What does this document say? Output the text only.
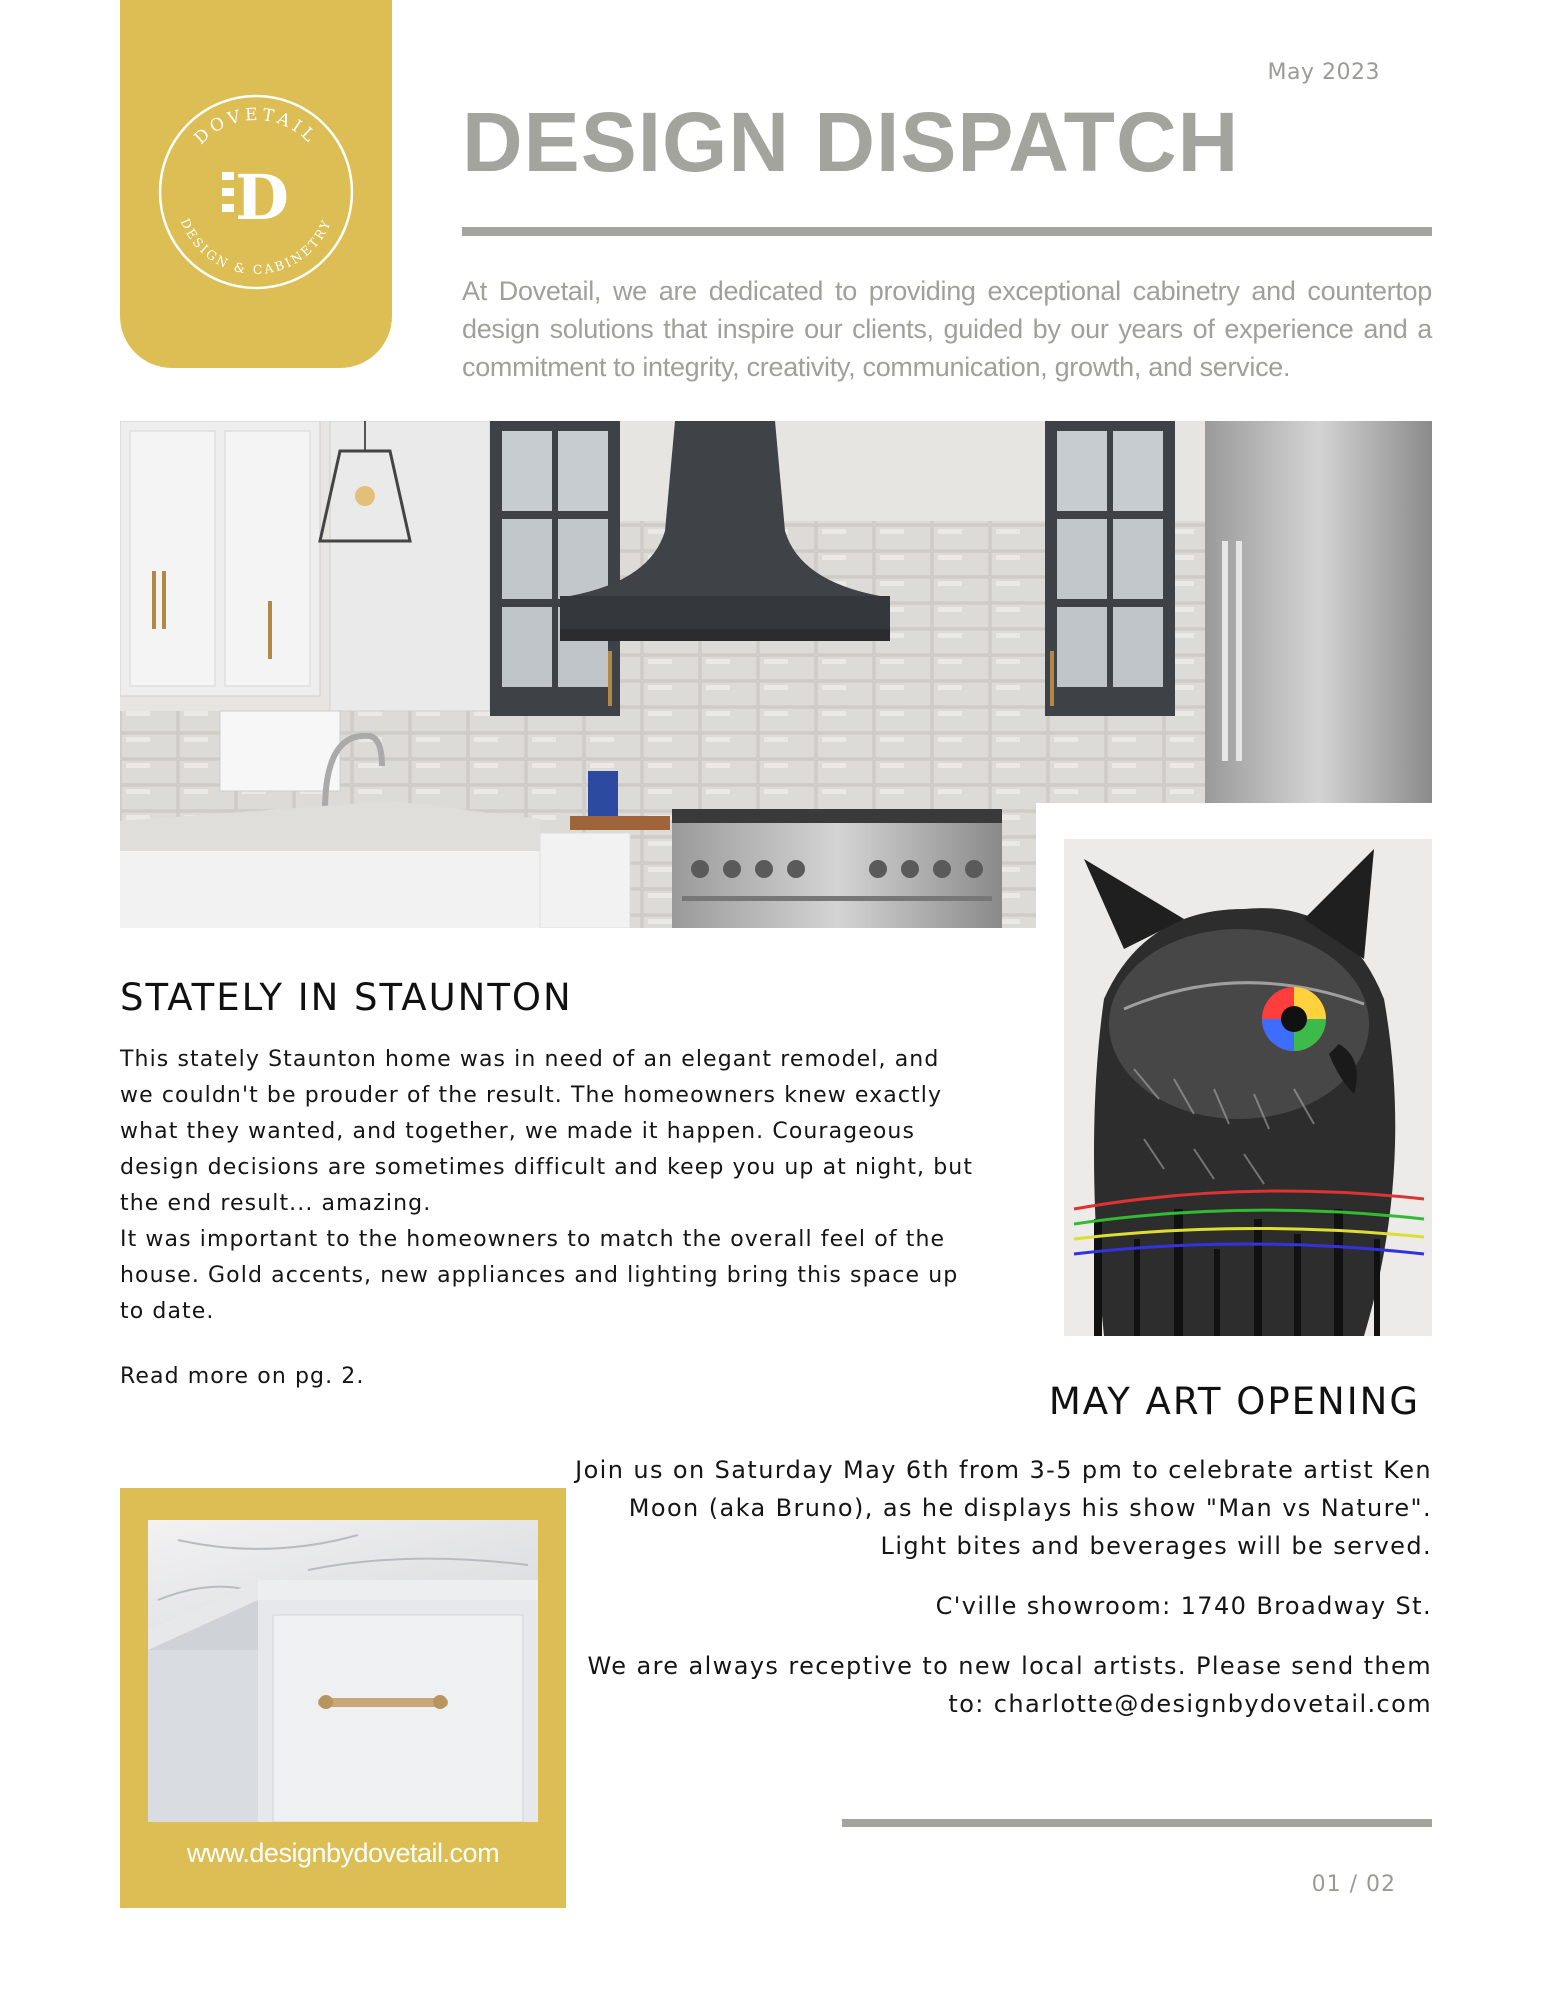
DOVETAIL
DESIGN & CABINETRY
D
May 2023
DESIGN DISPATCH
At Dovetail, we are dedicated to providing exceptional cabinetry and countertop design solutions that inspire our clients, guided by our years of experience and a commitment to integrity, creativity, communication, growth, and service.
STATELY IN STAUNTON

This stately Staunton home was in need of an elegant remodel, and we couldn't be prouder of the result. The homeowners knew exactly what they wanted, and together, we made it happen. Courageous design decisions are sometimes difficult and keep you up at night, but the end result... amazing.

It was important to the homeowners to match the overall feel of the house. Gold accents, new appliances and lighting bring this space up to date.

Read more on pg. 2.
MAY ART OPENING

Join us on Saturday May 6th from 3-5 pm to celebrate artist Ken Moon (aka Bruno), as he displays his show "Man vs Nature".

Light bites and beverages will be served.

C'ville showroom: 1740 Broadway St.

We are always receptive to new local artists. Please send them to: charlotte@designbydovetail.com

www.designbydovetail.com
01 / 02
